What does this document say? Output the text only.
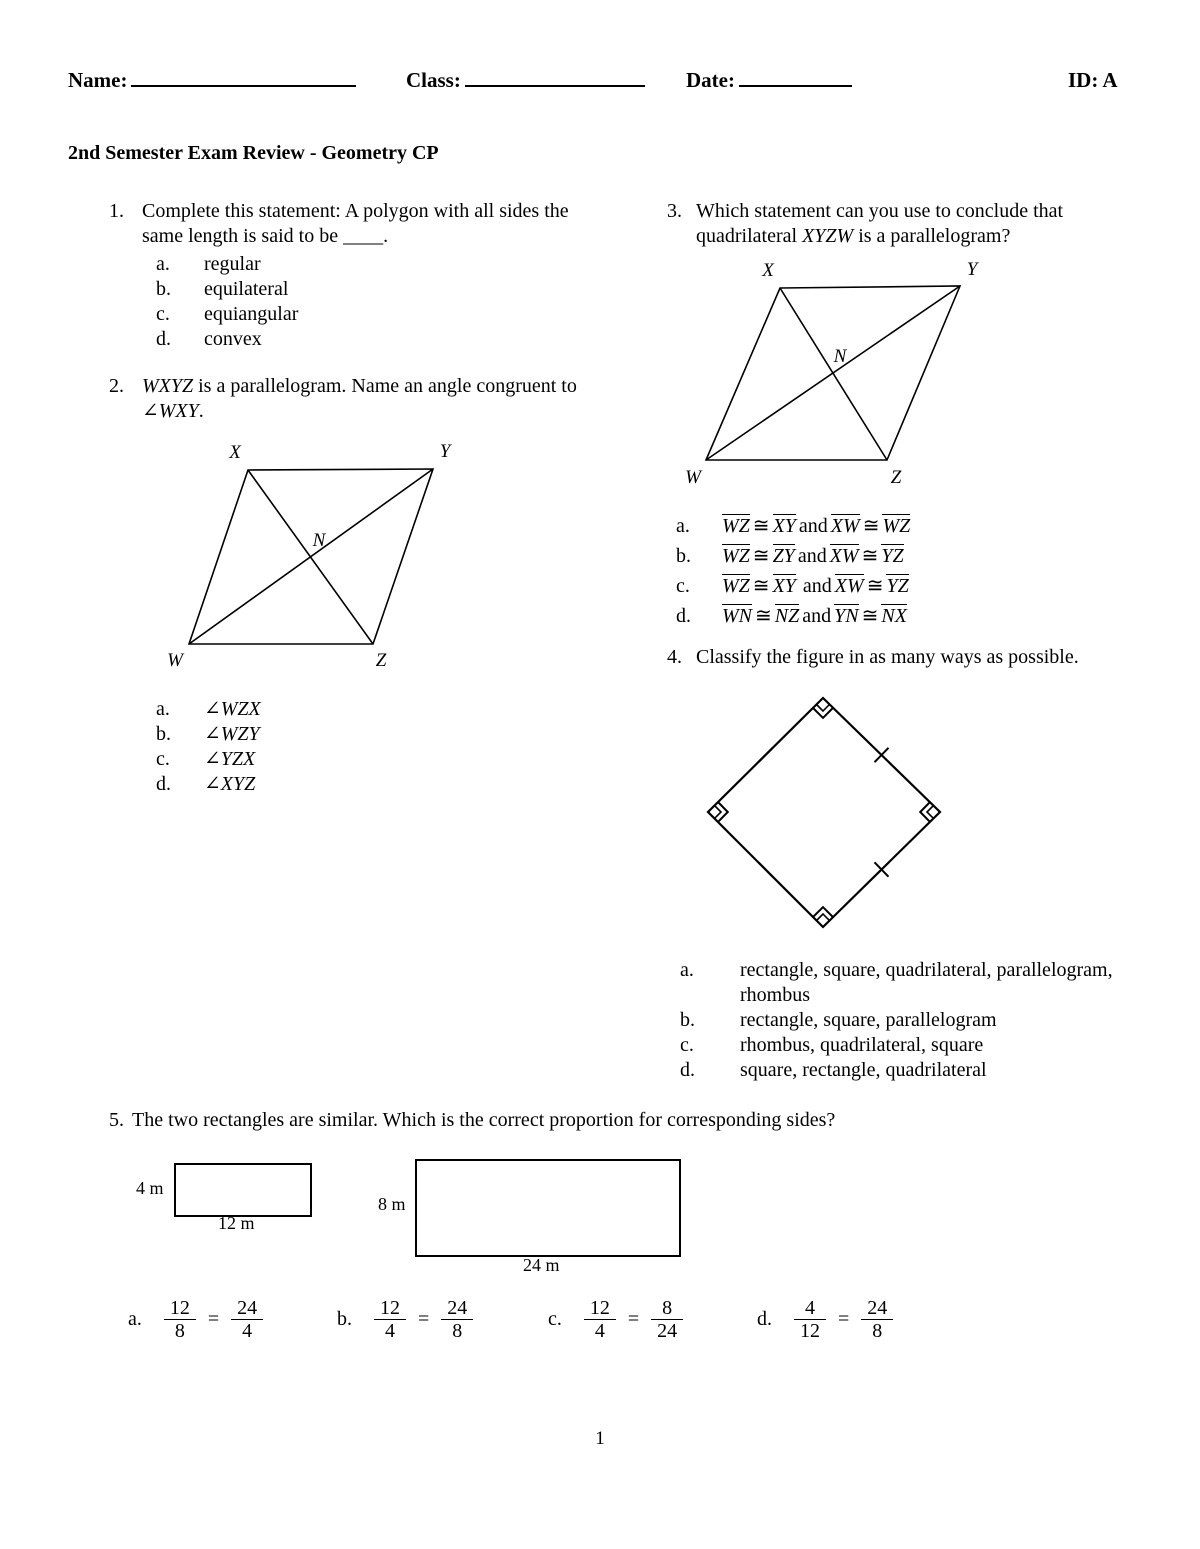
Name:	Class:	Date:	ID: A
2nd Semester Exam Review - Geometry CP
1. Complete this statement: A polygon with all sides the same length is said to be ____.
a. regular
b. equilateral
c. equiangular
d. convex
2. WXYZ is a parallelogram. Name an angle congruent to ∠WXY.
X	Y
W	Z
N
a. ∠WZX
b. ∠WZY
c. ∠YZX
d. ∠XYZ
3. Which statement can you use to conclude that quadrilateral XYZW is a parallelogram?
X	Y
W	Z
N
a. WZ ≅ XY and XW ≅ WZ
b. WZ ≅ ZY and XW ≅ YZ
c. WZ ≅ XY and XW ≅ YZ
d. WN ≅ NZ and YN ≅ NX
4. Classify the figure in as many ways as possible.
a. rectangle, square, quadrilateral, parallelogram, rhombus
b. rectangle, square, parallelogram
c. rhombus, quadrilateral, square
d. square, rectangle, quadrilateral
5. The two rectangles are similar. Which is the correct proportion for corresponding sides?
4 m
12 m
8 m
24 m
a. $\frac{12}{8} = \frac{24}{4}$	b. $\frac{12}{4} = \frac{24}{8}$	c. $\frac{12}{4} = \frac{8}{24}$	d. $\frac{4}{12} = \frac{24}{8}$
1
